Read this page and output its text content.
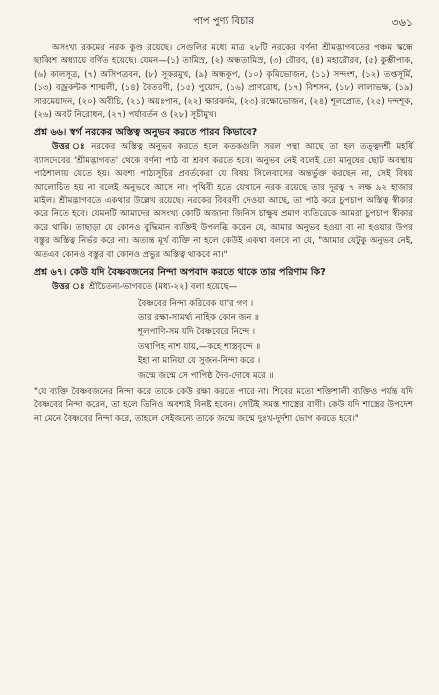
পাপ পুণ্য বিচার	৩৬১

অসংখ্য রকমের নরক কুণ্ড রয়েছে। সেগুলির মধ্যে মাত্র ২৮টি নরকের বর্ণনা শ্রীমদ্ভাগবতের পঞ্চম স্কন্ধে ছাব্বিশ অধ্যায়ে বর্ণিত হয়েছে। যেমন—(১) তামিস্র, (২) অন্ধতামিস্র, (৩) রৌরব, (৪) মহারৌরব, (৫) কুম্ভীপাক, (৬) কালসূত্র, (৭) অসিপত্রবন, (৮) সূকরমুখ, (৯) অন্ধকূপ, (১০) কৃমিভোজন, (১১) সন্দংশ, (১২) তপ্তসূর্মি, (১৩) বজ্রকন্টক শাল্মলী, (১৪) বৈতরণী, (১৫) পুয়োদ, (১৬) প্রাণরোধ, (১৭) বিশসন, (১৮) লালাভক্ষ, (১৯) সারমেয়াদন, (২০) অবীচি, (২১) অয়ঃপান, (২২) ক্ষারকর্দম, (২৩) রক্ষোভোজন, (২৪) শূলপ্রোত, (২৫) দন্দশূক, (২৬) অবট নিরোধন, (২৭) পর্যাবর্তন ও (২৮) সূচীমুখ।

প্রশ্ন ৬৬। স্বর্গ নরকের অস্তিত্ব অনুভব করতে পারব কিভাবে?

উত্তর ঃ নরকের অস্তিত্ব অনুভব করতে হলে কতকগুলি সরল পন্থা আছে তা হল তত্ত্বদর্শী মহর্ষি ব্যাসদেবের 'শ্রীমদ্ভাগবত' থেকে বর্ণনা পাঠ বা শ্রবণ করতে হবে। অনুভব নেই বলেই তো মানুষের ছোট অবস্থায় পাঠশালায় যেতে হয়। অবশ্য পাঠ্যসূচির প্রবর্তকেরা যে বিষয় সিলেবাসের অন্তর্ভুক্ত করছেন না, সেই বিষয় আলোচিত হয় না বলেই অনুভবে আসে না। পৃথিবী হতে যেখানে নরক রয়েছে তার দূরত্ব ৭ লক্ষ ৯২ হাজার মাইল। শ্রীমদ্ভাগবতে একথার উল্লেখ রয়েছে। নরকের বিবরণী দেওয়া আছে, তা পাঠ করে চুপচাপ অস্তিত্ব স্বীকার করে নিতে হবে। যেমনটি আমাদের অসংখ্য কোটি অজানা জিনিস চাক্ষুষ প্রমাণ ব্যতিরেকে আমরা চুপচাপ স্বীকার করে থাকি। তাছাড়া যে কোনও বুদ্ধিমান ব্যক্তিই উপলব্ধি করেন যে, আমার অনুভব হওয়া বা না হওয়ার উপর বস্তুর অস্তিত্ব নির্ভর করে না। অত্যন্ত মূর্খ ব্যক্তি না হলে কেউই একথা বলবে না যে, "আমার যেটুকু অনুভব নেই, অতএব কোনও বস্তুর বা কোনও প্রভুর অস্তিত্ব থাকবে না।"

প্রশ্ন ৬৭। কেউ যদি বৈষ্ণবজনের নিন্দা অপবাদ করতে থাকে তার পরিণাম কি?

উত্তর ঃ শ্রীচৈতন্য-ভাগবতে (মধ্য-২২) বলা হয়েছে—

বৈষ্ণবের নিন্দা করিবেক যা'র গণ ।
তার রক্ষা-সামর্থ্য নাহিক কোন জন ॥
শূলপাণি-সম যদি বৈষ্ণবেরে নিন্দে ।
তথাপিহ নাশ যায়,—কহে শাস্ত্রবৃন্দে ॥
ইহা না মানিয়া যে সুজন-নিন্দা করে ।
জন্মে জন্মে সে পাপিষ্ঠ দৈব-দোষে মরে ॥

"যে ব্যক্তি বৈষ্ণবজনের নিন্দা করে তাকে কেউ রক্ষা করতে পারে না। শিবের মতো শক্তিশালী ব্যক্তিও পর্যন্ত যদি বৈষ্ণবের নিন্দা করেন, তা হলে তিনিও অবশ্যই বিনষ্ট হবেন। সেটিই সমস্ত শাস্ত্রের বাণী। কেউ যদি শাস্ত্রের উপদেশ না মেনে বৈষ্ণবের নিন্দা করে, তাহলে সেইজন্যে তাকে জন্মে জন্মে দুঃখ-দুর্দশা ভোগ করতে হবে।"
